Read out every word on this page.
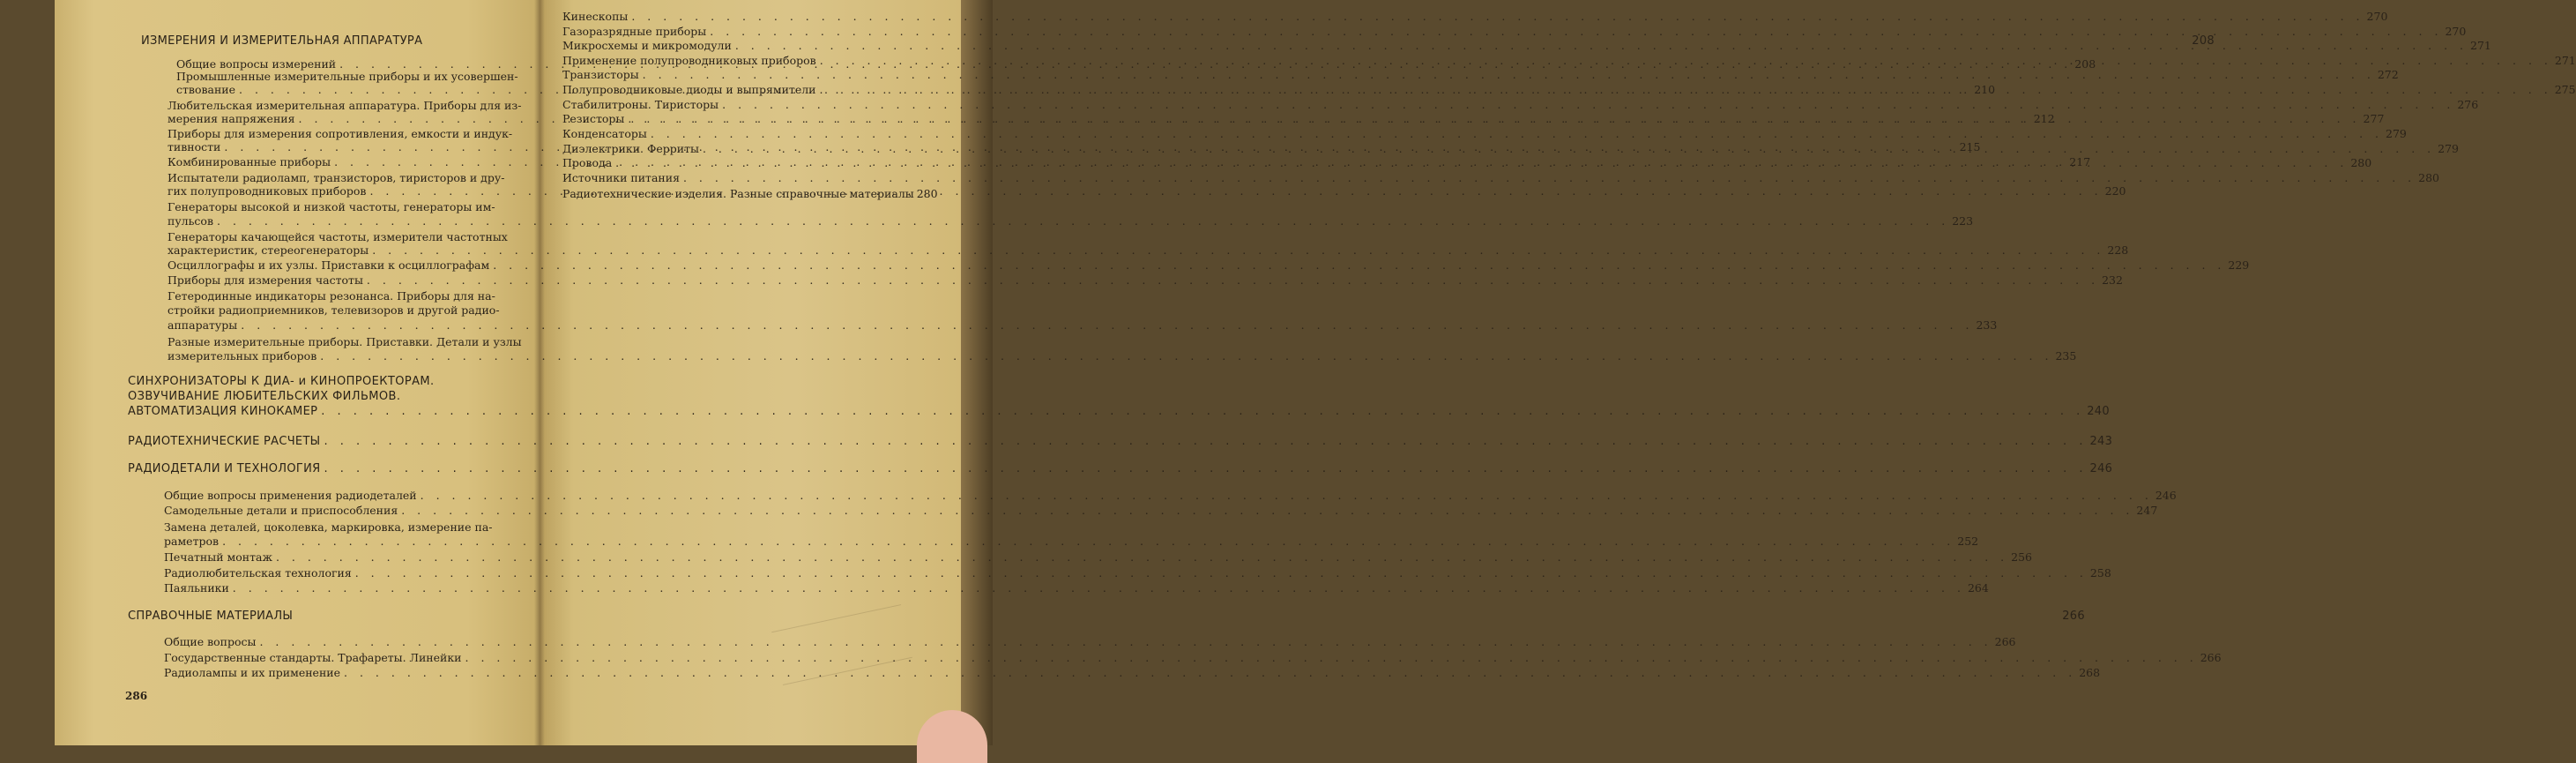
ИЗМЕРЕНИЯ И ИЗМЕРИТЕЛЬНАЯ АППАРАТУРА	208
Общие вопросы измерений . . .	208
Промышленные измерительные приборы и их усовершен-
ствование . . .	210
Любительская измерительная аппаратура. Приборы для из-
мерения напряжения . . .	212
Приборы для измерения сопротивления, емкости и индук-
тивности . . .	215
Комбинированные приборы . . .	217
Испытатели радиоламп, транзисторов, тиристоров и дру-
гих полупроводниковых приборов . . .	220
Генераторы высокой и низкой частоты, генераторы им-
пульсов . . .	223
Генераторы качающейся частоты, измерители частотных
характеристик, стереогенераторы . . .	228
Осциллографы и их узлы. Приставки к осциллографам . . .	229
Приборы для измерения частоты . . .	232
Гетеродинные индикаторы резонанса. Приборы для на-
стройки радиоприемников, телевизоров и другой радио-
аппаратуры . . .	233
Разные измерительные приборы. Приставки. Детали и узлы
измерительных приборов . . .	235
СИНХРОНИЗАТОРЫ К ДИА- и КИНОПРОЕКТОРАМ.
ОЗВУЧИВАНИЕ ЛЮБИТЕЛЬСКИХ ФИЛЬМОВ.
АВТОМАТИЗАЦИЯ КИНОКАМЕР . . .	240
РАДИОТЕХНИЧЕСКИЕ РАСЧЕТЫ . . .	243
РАДИОДЕТАЛИ И ТЕХНОЛОГИЯ . . .	246
Общие вопросы применения радиодеталей . . .	246
Самодельные детали и приспособления . . .	247
Замена деталей, цоколевка, маркировка, измерение па-
раметров . . .	252
Печатный монтаж . . .	256
Радиолюбительская технология . . .	258
Паяльники . . .	264
СПРАВОЧНЫЕ МАТЕРИАЛЫ	266
Общие вопросы . . .	266
Государственные стандарты. Трафареты. Линейки . . .	266
Радиолампы и их применение . . .	268
286
Кинескопы . . .	270
Газоразрядные приборы . . .	270
Микросхемы и микромодули . . .	271
Применение полупроводниковых приборов . . .	271
Транзисторы . . .	272
Полупроводниковые диоды и выпрямители . . .	275
Стабилитроны. Тиристоры . . .	276
Резисторы . . .	277
Конденсаторы . . .	279
Диэлектрики. Ферриты . . .	279
Провода . . .	280
Источники питания . . .	280
Радиотехнические изделия. Разные справочные материалы 280
